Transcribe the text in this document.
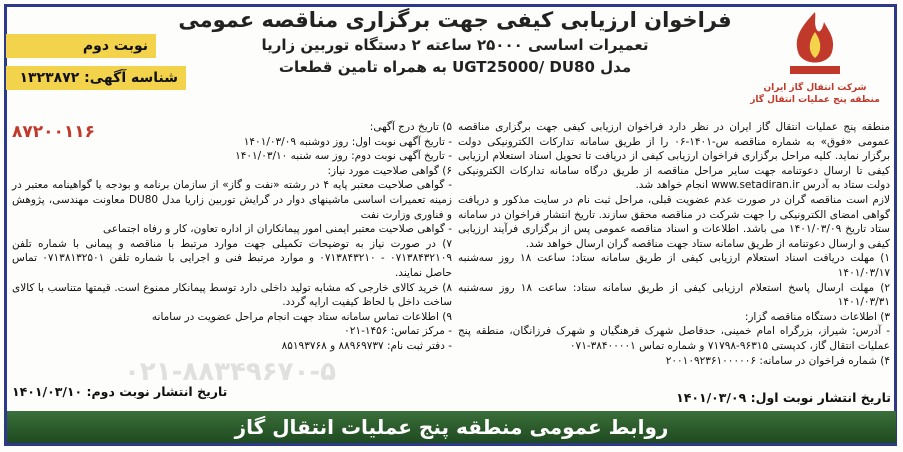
شرکت انتقال گاز ایران
منطقه پنج عملیات انتقال گاز
فراخوان ارزیابی کیفی جهت برگزاری مناقصه عمومی
تعمیرات اساسی ۲۵۰۰۰ ساعته ۲ دستگاه توربین زاریا
مدل UGT25000/ DU80 به همراه تامین قطعات
نوبت دوم
شناسه آگهی: ۱۳۲۳۸۷۲
۸۷۲۰۰۱۱۶	منطقه پنج عملیات انتقال گاز ایران در نظر دارد فراخوان ارزیابی کیفی جهت برگزاری مناقصه عمومی «فوق» به شماره مناقصه س-۱۴۰۱-۰۶ را از طریق سامانه تدارکات الکترونیکی دولت برگزار نماید. کلیه مراحل برگزاری فراخوان ارزیابی کیفی از دریافت تا تحویل اسناد استعلام ارزیابی کیفی تا ارسال دعوتنامه جهت سایر مراحل مناقصه از طریق درگاه سامانه تدارکات الکترونیکی دولت ستاد به آدرس www.setadiran.ir انجام خواهد شد.

لازم است مناقصه گران در صورت عدم عضویت قبلی، مراحل ثبت نام در سایت مذکور و دریافت گواهی امضای الکترونیکی را جهت شرکت در مناقصه محقق سازند. تاریخ انتشار فراخوان در سامانه ستاد تاریخ ۱۴۰۱/۰۳/۰۹ می باشد. اطلاعات و اسناد مناقصه عمومی پس از برگزاری فرآیند ارزیابی کیفی و ارسال دعوتنامه از طریق سامانه ستاد جهت مناقصه گران ارسال خواهد شد.

۱) مهلت دریافت اسناد استعلام ارزیابی کیفی از طریق سامانه ستاد: ساعت ۱۸ روز سه‌شنبه ۱۴۰۱/۰۳/۱۷

۲) مهلت ارسال پاسخ استعلام ارزیابی کیفی از طریق سامانه ستاد: ساعت ۱۸ روز سه‌شنبه ۱۴۰۱/۰۳/۳۱

۳) اطلاعات دستگاه مناقصه گزار:

- آدرس: شیراز، بزرگراه امام خمینی، حدفاصل شهرک فرهنگیان و شهرک فرزانگان، منطقه پنج عملیات انتقال گاز، کدپستی ۹۶۳۱۵-۷۱۷۹۸ و شماره تماس ۳۸۴۰۰۰۰۱-۰۷۱

۴) شماره فراخوان در سامانه: ۲۰۰۱۰۹۲۳۶۱۰۰۰۰۰۶

۵) تاریخ درج آگهی:

- تاریخ آگهی نوبت اول: روز دوشنبه ۱۴۰۱/۰۳/۰۹

- تاریخ آگهی نوبت دوم: روز سه شنبه ۱۴۰۱/۰۳/۱۰

۶) گواهی صلاحیت مورد نیاز:

- گواهی صلاحیت معتبر پایه ۴ در رشته «نفت و گاز» از سازمان برنامه و بودجه یا گواهینامه معتبر در زمینه تعمیرات اساسی ماشینهای دوار در گرایش توربین زاریا مدل DU80 معاونت مهندسی، پژوهش و فناوری وزارت نفت

- گواهی صلاحیت معتبر ایمنی امور پیمانکاران از اداره تعاون، کار و رفاه اجتماعی

۷) در صورت نیاز به توضیحات تکمیلی جهت موارد مرتبط با مناقصه و پیمانی با شماره تلفن ۰۷۱۳۸۴۳۲۱۰۹ - ۰۷۱۳۸۴۳۲۱۰ و موارد مرتبط فنی و اجرایی با شماره تلفن ۰۷۱۳۸۱۳۲۵۰۱ تماس حاصل نمایند.

۸) خرید کالای خارجی که مشابه تولید داخلی دارد توسط پیمانکار ممنوع است. قیمتها متناسب با کالای ساخت داخل با لحاظ کیفیت ارایه گردد.

۹) اطلاعات تماس سامانه ستاد جهت انجام مراحل عضویت در سامانه

- مرکز تماس: ۱۴۵۶-۰۲۱

- دفتر ثبت نام: ۸۸۹۶۹۷۳۷ و ۸۵۱۹۳۷۶۸

۰۲۱-۸۸۳۴۹۶۷۰-۵
تاریخ انتشار نوبت اول: ۱۴۰۱/۰۳/۰۹
تاریخ انتشار نوبت دوم: ۱۴۰۱/۰۳/۱۰
روابط عمومی منطقه پنج عملیات انتقال گاز
